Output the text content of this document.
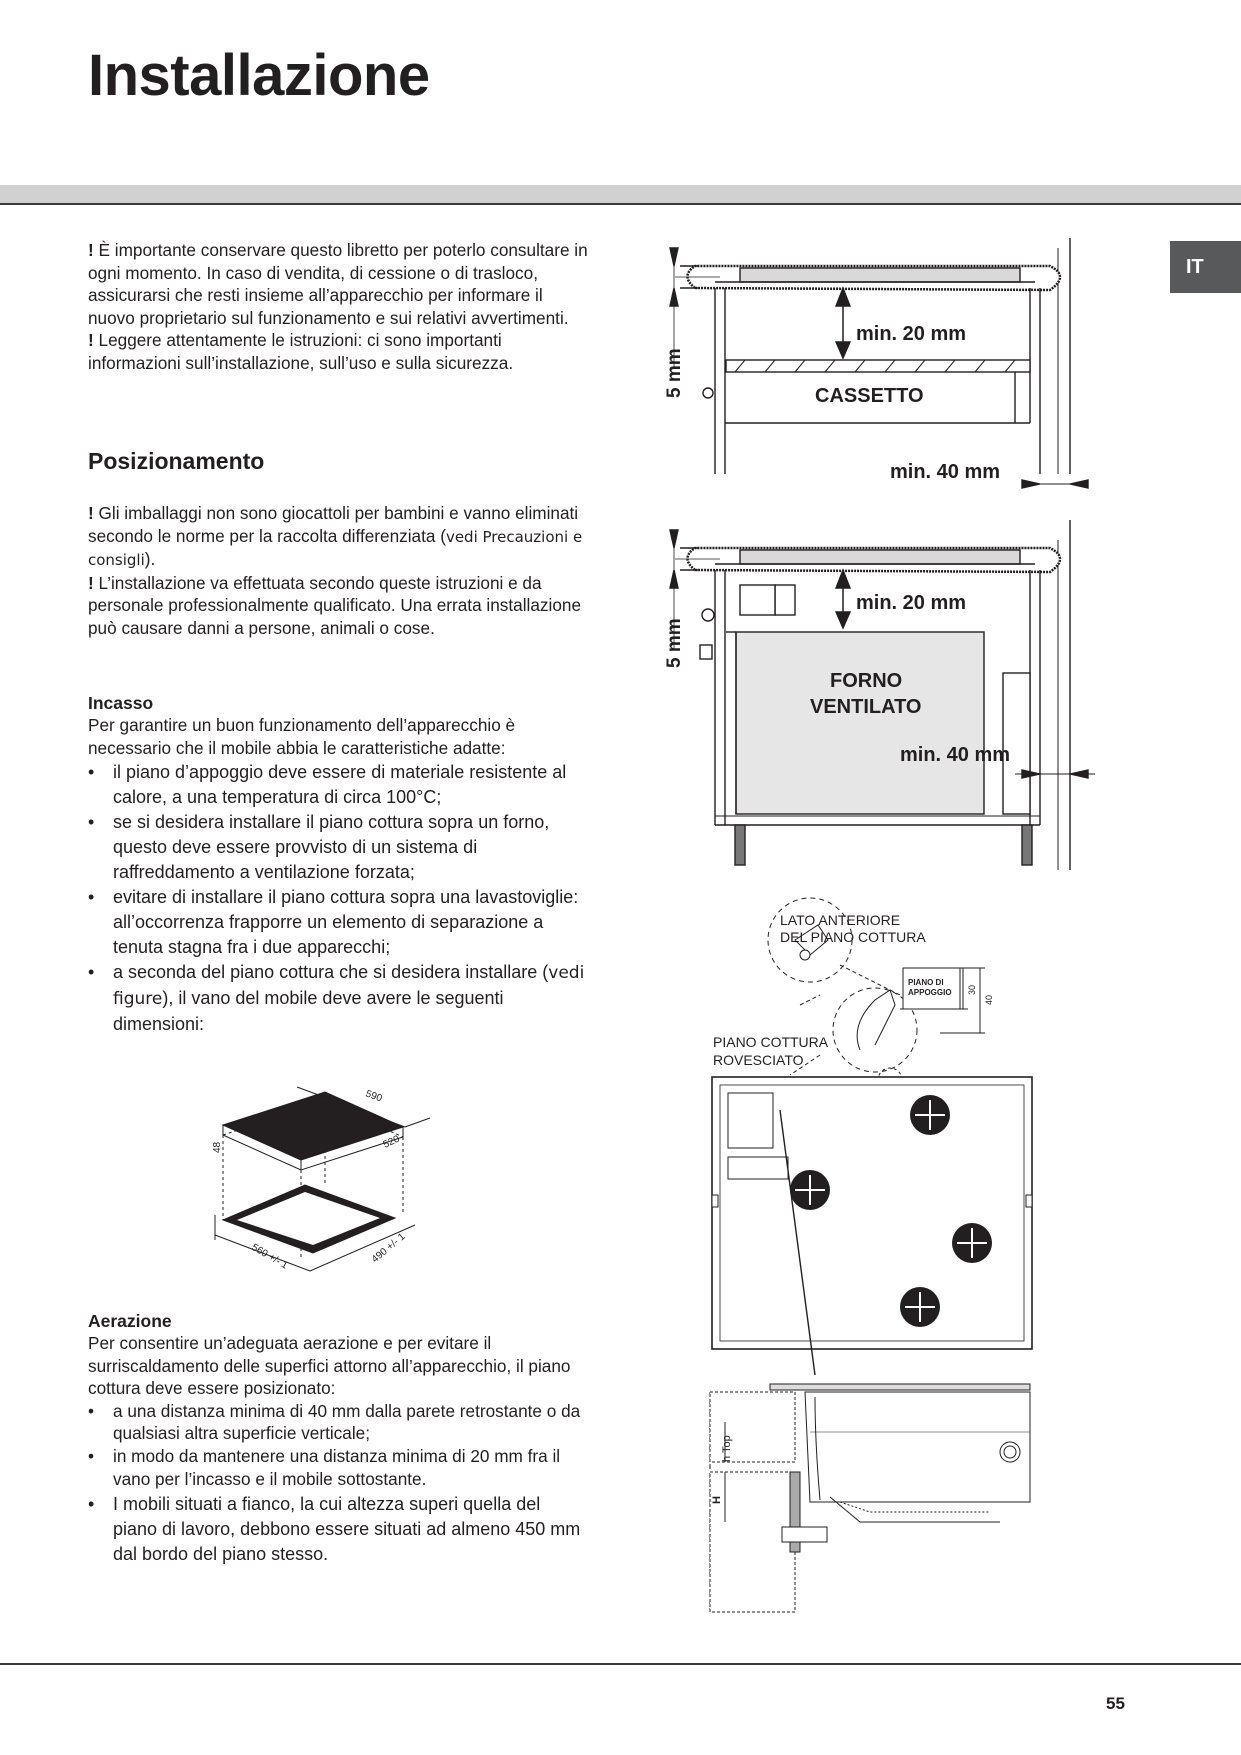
Installazione
IT

! È importante conservare questo libretto per poterlo consultare in ogni momento. In caso di vendita, di cessione o di trasloco, assicurarsi che resti insieme all’apparecchio per informare il nuovo proprietario sul funzionamento e sui relativi avvertimenti.

! Leggere attentamente le istruzioni: ci sono importanti informazioni sull’installazione, sull’uso e sulla sicurezza.

Posizionamento

! Gli imballaggi non sono giocattoli per bambini e vanno eliminati secondo le norme per la raccolta differenziata (vedi Precauzioni e consigli).

! L’installazione va effettuata secondo queste istruzioni e da personale professionalmente qualificato. Una errata installazione può causare danni a persone, animali o cose.

Incasso

Per garantire un buon funzionamento dell’apparecchio è necessario che il mobile abbia le caratteristiche adatte:

• il piano d’appoggio deve essere di materiale resistente al calore, a una temperatura di circa 100°C;
• se si desidera installare il piano cottura sopra un forno, questo deve essere provvisto di un sistema di raffreddamento a ventilazione forzata;
• evitare di installare il piano cottura sopra una lavastoviglie: all’occorrenza frapporre un elemento di separazione a tenuta stagna fra i due apparecchi;
• a seconda del piano cottura che si desidera installare (vedi figure), il vano del mobile deve avere le seguenti dimensioni:
590
520
48
560 +/- 1	490 +/- 1
Aerazione

Per consentire un’adeguata aerazione e per evitare il surriscaldamento delle superfici attorno all’apparecchio, il piano cottura deve essere posizionato:

• a una distanza minima di 40 mm dalla parete retrostante o da qualsiasi altra superficie verticale;
• in modo da mantenere una distanza minima di 20 mm fra il vano per l’incasso e il mobile sottostante.
• I mobili situati a fianco, la cui altezza superi quella del piano di lavoro, debbono essere situati ad almeno 450 mm dal bordo del piano stesso.
min. 20 mm
CASSETTO
5 mm
min. 40 mm
min. 20 mm
FORNO
VENTILATO
5 mm
min. 40 mm
LATO ANTERIORE
DEL PIANO COTTURA
PIANO DI
APPOGGIO 30
40
PIANO COTTURA
ROVESCIATO
h Top
H
55
